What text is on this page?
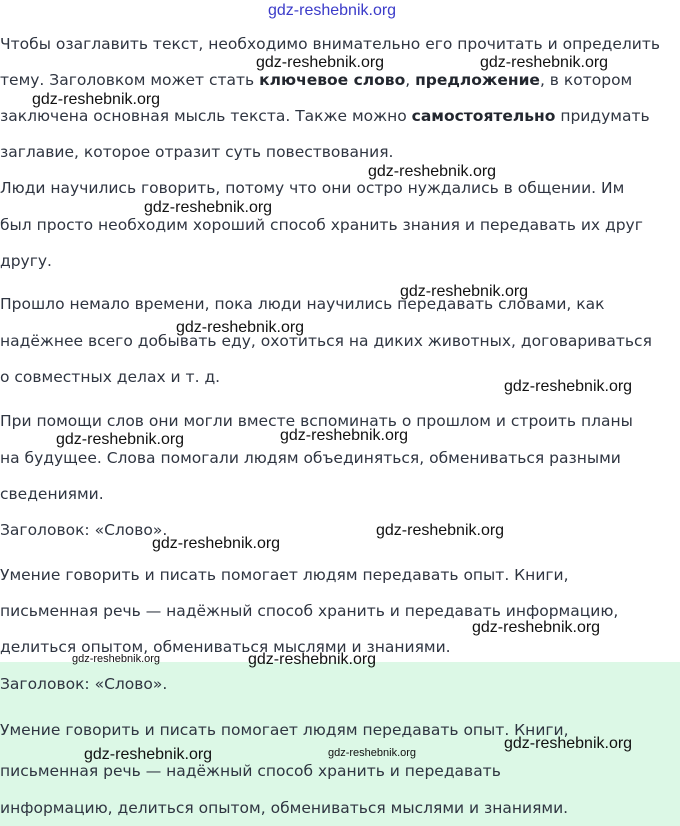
Чтобы озаглавить текст, необходимо внимательно его прочитать и определить
тему. Заголовком может стать ключевое слово, предложение, в котором
заключена основная мысль текста. Также можно самостоятельно придумать
заглавие, которое отразит суть повествования.
Люди научились говорить, потому что они остро нуждались в общении. Им
был просто необходим хороший способ хранить знания и передавать их друг
другу.
Прошло немало времени, пока люди научились передавать словами, как
надёжнее всего добывать еду, охотиться на диких животных, договариваться
о совместных делах и т. д.
При помощи слов они могли вместе вспоминать о прошлом и строить планы
на будущее. Слова помогали людям объединяться, обмениваться разными
сведениями.
Заголовок: «Слово».
Умение говорить и писать помогает людям передавать опыт. Книги,
письменная речь — надёжный способ хранить и передавать информацию,
делиться опытом, обмениваться мыслями и знаниями.
Заголовок: «Слово».
Умение говорить и писать помогает людям передавать опыт. Книги,
письменная речь — надёжный способ хранить и передавать
информацию, делиться опытом, обмениваться мыслями и знаниями.
gdz-reshebnik.org
gdz-reshebnik.org	gdz-reshebnik.org
gdz-reshebnik.org
gdz-reshebnik.org
gdz-reshebnik.org
gdz-reshebnik.org
gdz-reshebnik.org
gdz-reshebnik.org
gdz-reshebnik.org
gdz-reshebnik.org
gdz-reshebnik.org
gdz-reshebnik.org
gdz-reshebnik.org
gdz-reshebnik.org	gdz-reshebnik.org
gdz-reshebnik.org
gdz-reshebnik.org	gdz-reshebnik.org
